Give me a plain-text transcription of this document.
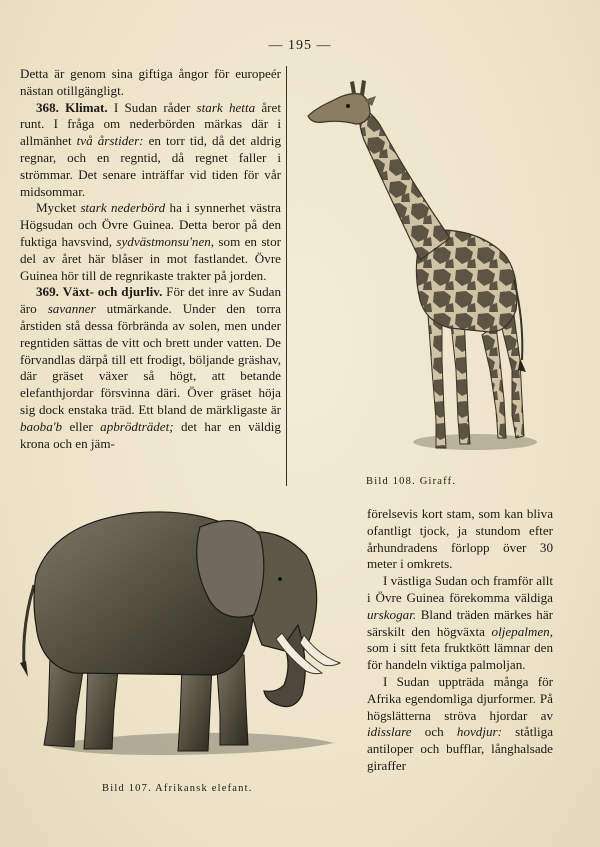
— 195 —

Detta är genom sina giftiga ångor för europeér nästan otillgängligt.

368. Klimat. I Sudan råder stark hetta året runt. I fråga om nederbörden märkas där i allmänhet två årstider: en torr tid, då det aldrig regnar, och en regntid, då regnet faller i strömmar. Det senare inträffar vid tiden för vår midsommar.

Mycket stark nederbörd ha i synnerhet västra Högsudan och Övre Guinea. Detta beror på den fuktiga havsvind, sydvästmonsu'nen, som en stor del av året här blåser in mot fastlandet. Övre Guinea hör till de regnrikaste trakter på jorden.

369. Växt- och djurliv. För det inre av Sudan äro savanner utmärkande. Under den torra årstiden stå dessa förbrända av solen, men under regntiden sättas de vitt och brett under vatten. De förvandlas därpå till ett frodigt, böljande gräshav, där gräset växer så högt, att betande elefanthjordar försvinna däri. Över gräset höja sig dock enstaka träd. Ett bland de märkligaste är baoba'b eller apbrödträdet; det har en väldig krona och en jäm-

Bild 108. Giraff.
Bild 107. Afrikansk elefant.

förelsevis kort stam, som kan bliva ofantligt tjock, ja stundom efter århundradens förlopp över 30 meter i omkrets.

I västliga Sudan och framför allt i Övre Guinea förekomma väldiga urskogar. Bland träden märkes här särskilt den högväxta oljepalmen, som i sitt feta fruktkött lämnar den för handeln viktiga palmoljan.

I Sudan uppträda många för Afrika egendomliga djurformer. På högslätterna ströva hjordar av idisslare och hovdjur: ståtliga antiloper och bufflar, långhalsade giraffer
